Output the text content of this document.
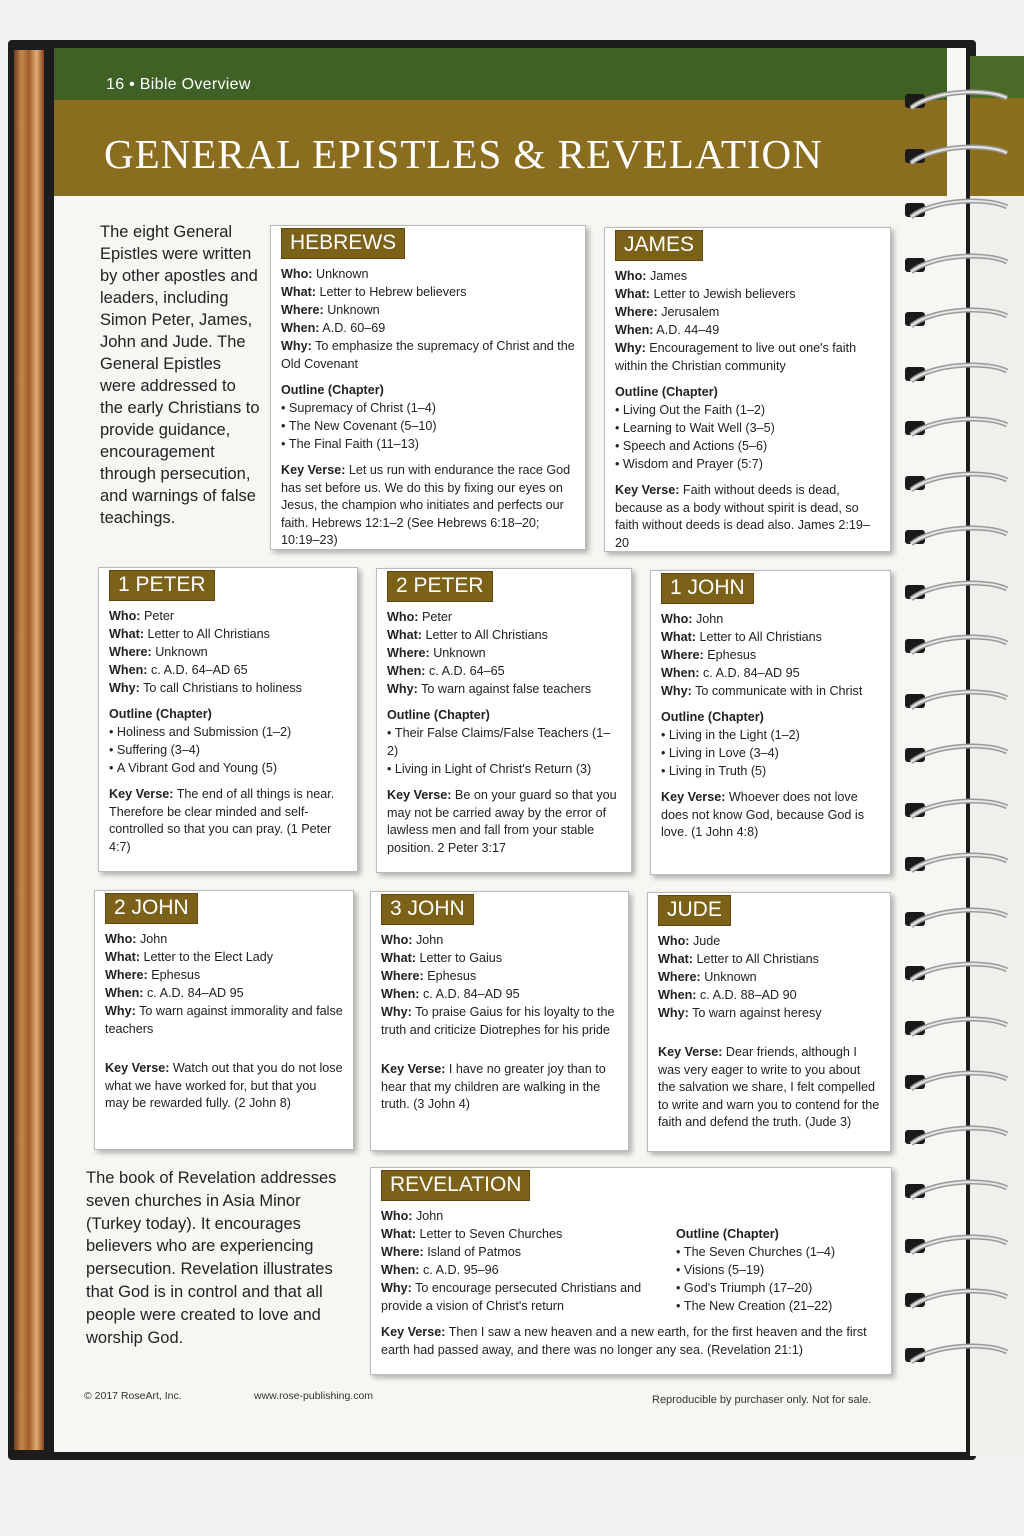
16 • Bible Overview
GENERAL EPISTLES & REVELATION
The eight General Epistles were written by other apostles and leaders, including Simon Peter, James, John and Jude. The General Epistles were addressed to the early Christians to provide guidance, encouragement through persecution, and warnings of false teachings.
HEBREWS
Who: Unknown
What: Letter to Hebrew believers
Where: Unknown
When: A.D. 60–69
Why: To emphasize the supremacy of Christ and the Old Covenant
Outline (Chapter)
• Supremacy of Christ (1–4)
• The New Covenant (5–10)
• The Final Faith (11–13)
Key Verse: Let us run with endurance the race God has set before us. We do this by fixing our eyes on Jesus, the champion who initiates and perfects our faith. Hebrews 12:1–2 (See Hebrews 6:18–20; 10:19–23)
JAMES
Who: James
What: Letter to Jewish believers
Where: Jerusalem
When: A.D. 44–49
Why: Encouragement to live out one's faith within the Christian community
Outline (Chapter)
• Living Out the Faith (1–2)
• Learning to Wait Well (3–5)
• Speech and Actions (5–6)
• Wisdom and Prayer (5:7)
Key Verse: Faith without deeds is dead, because as a body without spirit is dead, so faith without deeds is dead also. James 2:19–20
1 PETER
Who: Peter
What: Letter to All Christians
Where: Unknown
When: c. A.D. 64–AD 65
Why: To call Christians to holiness
Outline (Chapter)
• Holiness and Submission (1–2)
• Suffering (3–4)
• A Vibrant God and Young (5)
Key Verse: The end of all things is near. Therefore be clear minded and self-controlled so that you can pray. (1 Peter 4:7)
2 PETER
Who: Peter
What: Letter to All Christians
Where: Unknown
When: c. A.D. 64–65
Why: To warn against false teachers
Outline (Chapter)
• Their False Claims/False Teachers (1–2)
• Living in Light of Christ's Return (3)
Key Verse: Be on your guard so that you may not be carried away by the error of lawless men and fall from your stable position. 2 Peter 3:17
1 JOHN
Who: John
What: Letter to All Christians
Where: Ephesus
When: c. A.D. 84–AD 95
Why: To communicate with in Christ
Outline (Chapter)
• Living in the Light (1–2)
• Living in Love (3–4)
• Living in Truth (5)
Key Verse: Whoever does not love does not know God, because God is love. (1 John 4:8)
2 JOHN
Who: John
What: Letter to the Elect Lady
Where: Ephesus
When: c. A.D. 84–AD 95
Why: To warn against immorality and false teachers
Key Verse: Watch out that you do not lose what we have worked for, but that you may be rewarded fully. (2 John 8)
3 JOHN
Who: John
What: Letter to Gaius
Where: Ephesus
When: c. A.D. 84–AD 95
Why: To praise Gaius for his loyalty to the truth and criticize Diotrephes for his pride
Key Verse: I have no greater joy than to hear that my children are walking in the truth. (3 John 4)
JUDE
Who: Jude
What: Letter to All Christians
Where: Unknown
When: c. A.D. 88–AD 90
Why: To warn against heresy
Key Verse: Dear friends, although I was very eager to write to you about the salvation we share, I felt compelled to write and warn you to contend for the faith and defend the truth. (Jude 3)
REVELATION
Who: John
What: Letter to Seven Churches
Where: Island of Patmos
When: c. A.D. 95–96
Why: To encourage persecuted Christians and provide a vision of Christ's return
Outline (Chapter)
• The Seven Churches (1–4)
• Visions (5–19)
• God's Triumph (17–20)
• The New Creation (21–22)
Key Verse: Then I saw a new heaven and a new earth, for the first heaven and the first earth had passed away, and there was no longer any sea. (Revelation 21:1)
The book of Revelation addresses seven churches in Asia Minor (Turkey today). It encourages believers who are experiencing persecution. Revelation illustrates that God is in control and that all people were created to love and worship God.
© 2017 RoseArt, Inc.	www.rose-publishing.com	Reproducible by purchaser only. Not for sale.
